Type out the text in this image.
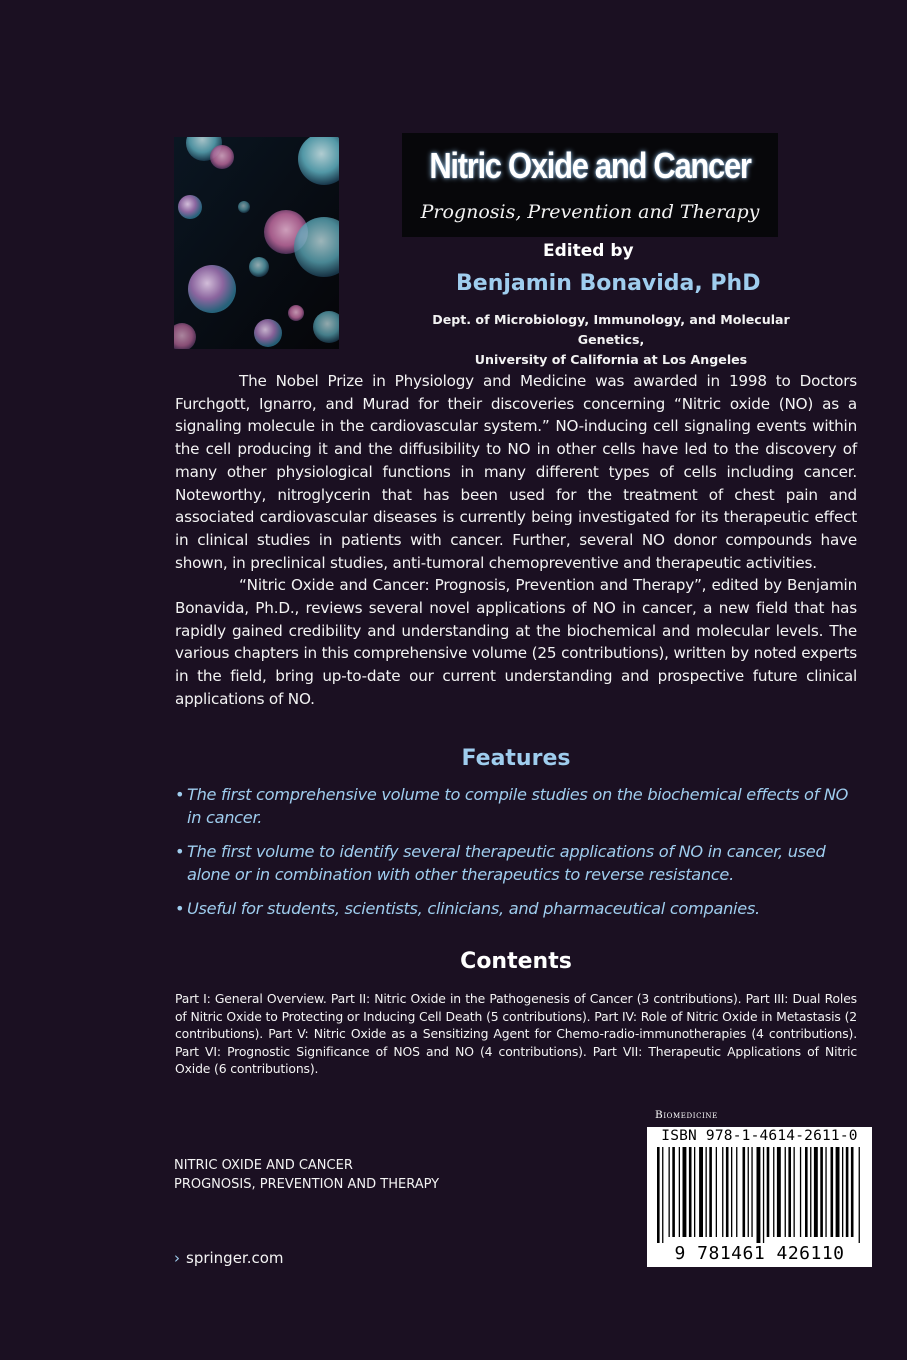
Nitric Oxide and Cancer
Prognosis, Prevention and Therapy
Edited by
Benjamin Bonavida, PhD
Dept. of Microbiology, Immunology, and Molecular Genetics,
University of California at Los Angeles

The Nobel Prize in Physiology and Medicine was awarded in 1998 to Doctors Furchgott, Ignarro, and Murad for their discoveries concerning “Nitric oxide (NO) as a signaling molecule in the cardiovascular system.” NO-inducing cell signaling events within the cell producing it and the diffusibility to NO in other cells have led to the discovery of many other physiological functions in many different types of cells including cancer. Noteworthy, nitroglycerin that has been used for the treatment of chest pain and associated cardiovascular diseases is currently being investigated for its therapeutic effect in clinical studies in patients with cancer. Further, several NO donor compounds have shown, in preclinical studies, anti-tumoral chemopreventive and therapeutic activities.

“Nitric Oxide and Cancer: Prognosis, Prevention and Therapy”, edited by Benjamin Bonavida, Ph.D., reviews several novel applications of NO in cancer, a new field that has rapidly gained credibility and understanding at the biochemical and molecular levels. The various chapters in this comprehensive volume (25 contributions), written by noted experts in the field, bring up-to-date our current understanding and prospective future clinical applications of NO.

Features
• The first comprehensive volume to compile studies on the biochemical effects of NO in cancer.
• The first volume to identify several therapeutic applications of NO in cancer, used alone or in combination with other therapeutics to reverse resistance.
• Useful for students, scientists, clinicians, and pharmaceutical companies.
Contents
Part I: General Overview. Part II: Nitric Oxide in the Pathogenesis of Cancer (3 contributions). Part III: Dual Roles of Nitric Oxide to Protecting or Inducing Cell Death (5 contributions). Part IV: Role of Nitric Oxide in Metastasis (2 contributions). Part V: Nitric Oxide as a Sensitizing Agent for Chemo-radio-immunotherapies (4 contributions). Part VI: Prognostic Significance of NOS and NO (4 contributions). Part VII: Therapeutic Applications of Nitric Oxide (6 contributions).
Biomedicine
ISBN 978-1-4614-2611-0
9 781461 426110
NITRIC OXIDE AND CANCER
PROGNOSIS, PREVENTION AND THERAPY
› springer.com
